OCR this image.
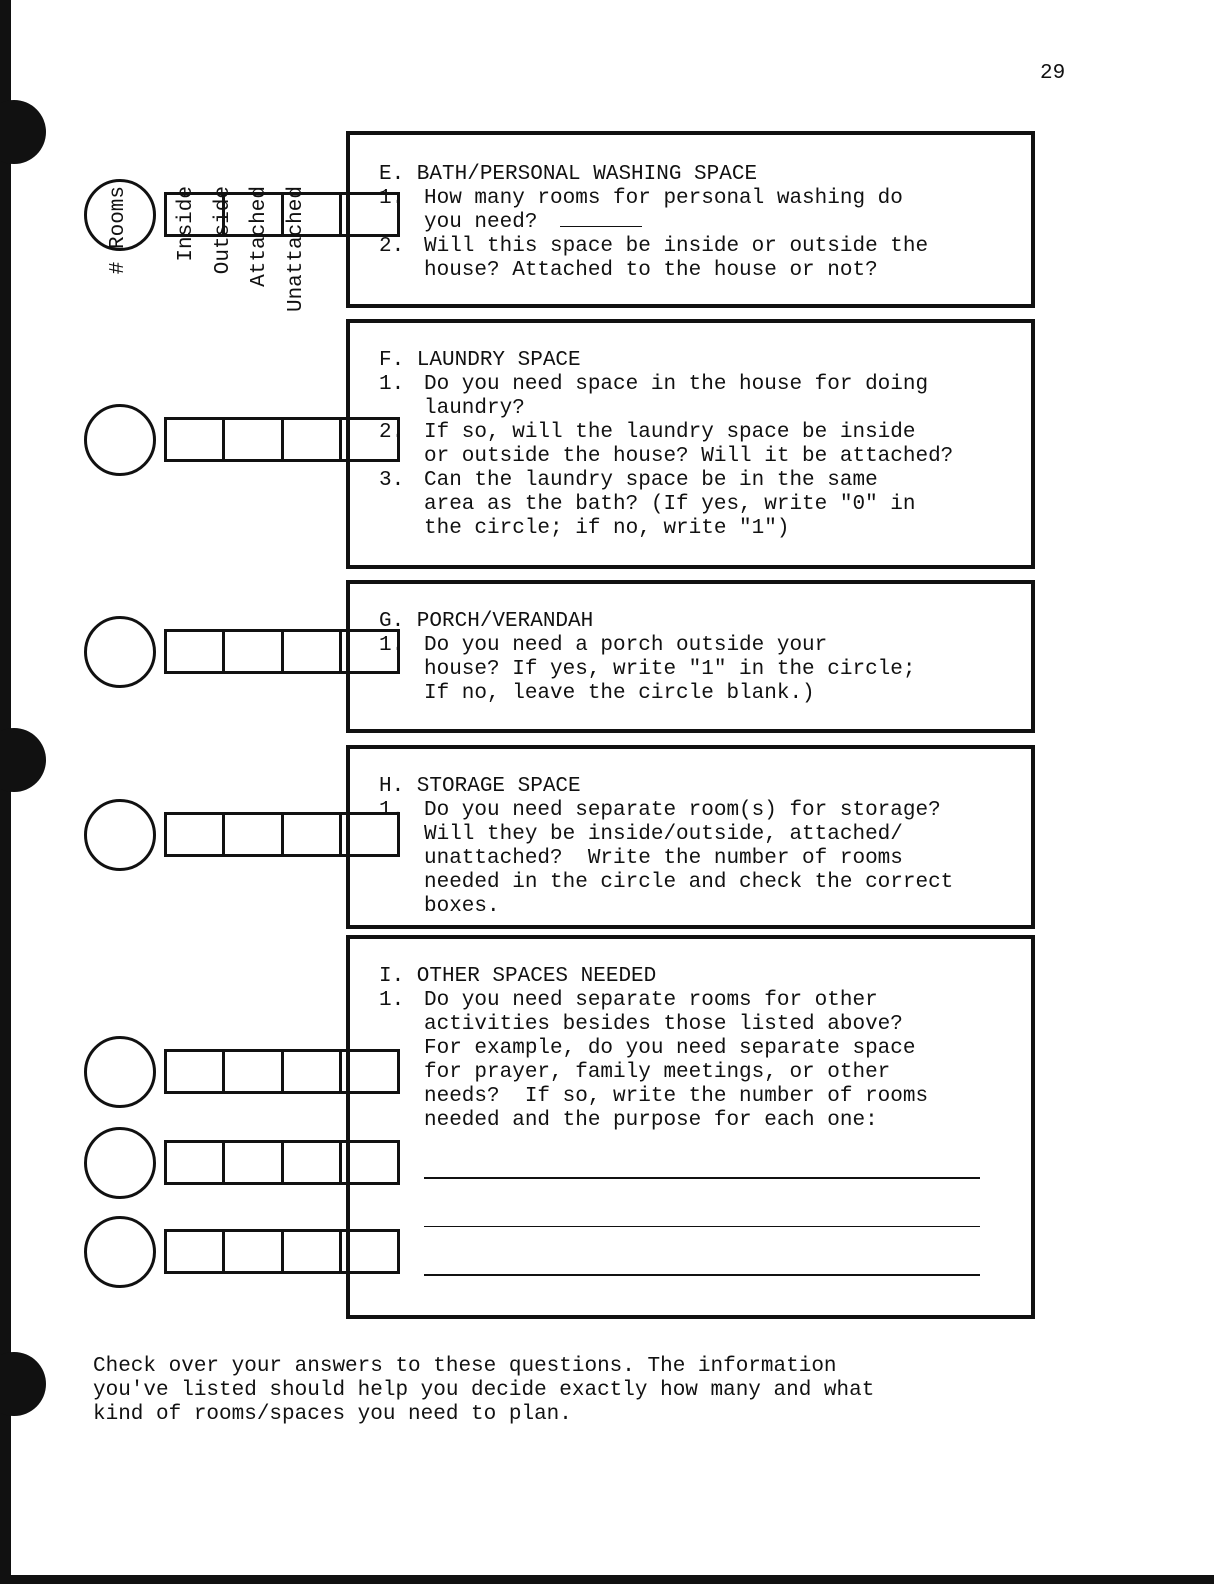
29
# Rooms Inside Outside Attached Unattached

E. BATH/PERSONAL WASHING SPACE

1. How many rooms for personal washing do
you need?
2. Will this space be inside or outside the
house? Attached to the house or not?

F. LAUNDRY SPACE

1. Do you need space in the house for doing
laundry?
2. If so, will the laundry space be inside
or outside the house? Will it be attached?
3. Can the laundry space be in the same
area as the bath? (If yes, write "0" in
the circle; if no, write "1")

G. PORCH/VERANDAH

1. Do you need a porch outside your
house? If yes, write "1" in the circle;
If no, leave the circle blank.)

H. STORAGE SPACE

1. Do you need separate room(s) for storage?
Will they be inside/outside, attached/
unattached?  Write the number of rooms
needed in the circle and check the correct
boxes.

I. OTHER SPACES NEEDED

1. Do you need separate rooms for other
activities besides those listed above?
For example, do you need separate space
for prayer, family meetings, or other
needs?  If so, write the number of rooms
needed and the purpose for each one:

Check over your answers to these questions. The information
you've listed should help you decide exactly how many and what
kind of rooms/spaces you need to plan.
